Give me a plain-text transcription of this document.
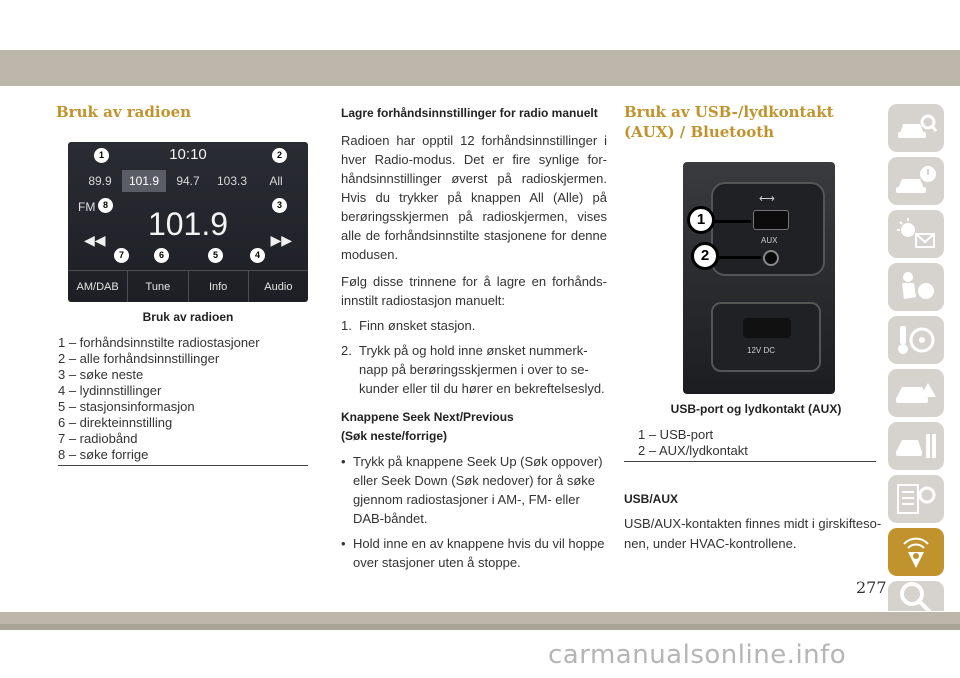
Bruk av radioen
10:10
89.9	101.9	94.7	103.3	All
FM	101.9
◀◀	▶▶
AM/DAB	Tune	Info	Audio
1	2
3
4
5
6
7
8
Bruk av radioen
1 – forhåndsinnstilte radiostasjoner
2 – alle forhåndsinnstillinger
3 – søke neste
4 – lydinnstillinger
5 – stasjonsinformasjon
6 – direkteinnstilling
7 – radiobånd
8 – søke forrige
Lagre forhåndsinnstillinger for radio manuelt

Radioen har opptil 12 forhåndsinnstillinger i hver Radio-modus. Det er fire synlige for-håndsinnstillinger øverst på radioskjermen. Hvis du trykker på knappen All (Alle) på berøringsskjermen på radioskjermen, vises alle de forhåndsinnstilte stasjonene for denne modusen.

Følg disse trinnene for å lagre en forhånds-innstilt radiostasjon manuelt:

1. Finn ønsket stasjon.
2. Trykk på og hold inne ønsket nummerk-napp på berøringsskjermen i over to se-kunder eller til du hører en bekreftelseslyd.
Knappene Seek Next/Previous
(Søk neste/forrige)
• Trykk på knappene Seek Up (Søk oppover) eller Seek Down (Søk nedover) for å søke gjennom radiostasjoner i AM-, FM- eller DAB-båndet.
• Hold inne en av knappene hvis du vil hoppe over stasjoner uten å stoppe.
Bruk av USB-/lydkontakt (AUX) / Bluetooth
⟷
AUX
12V DC
1
2
USB-port og lydkontakt (AUX)
1 – USB-port
2 – AUX/lydkontakt
USB/AUX
USB/AUX-kontakten finnes midt i girskifteso-nen, under HVAC-kontrollene.
277
carmanualsonline.info
